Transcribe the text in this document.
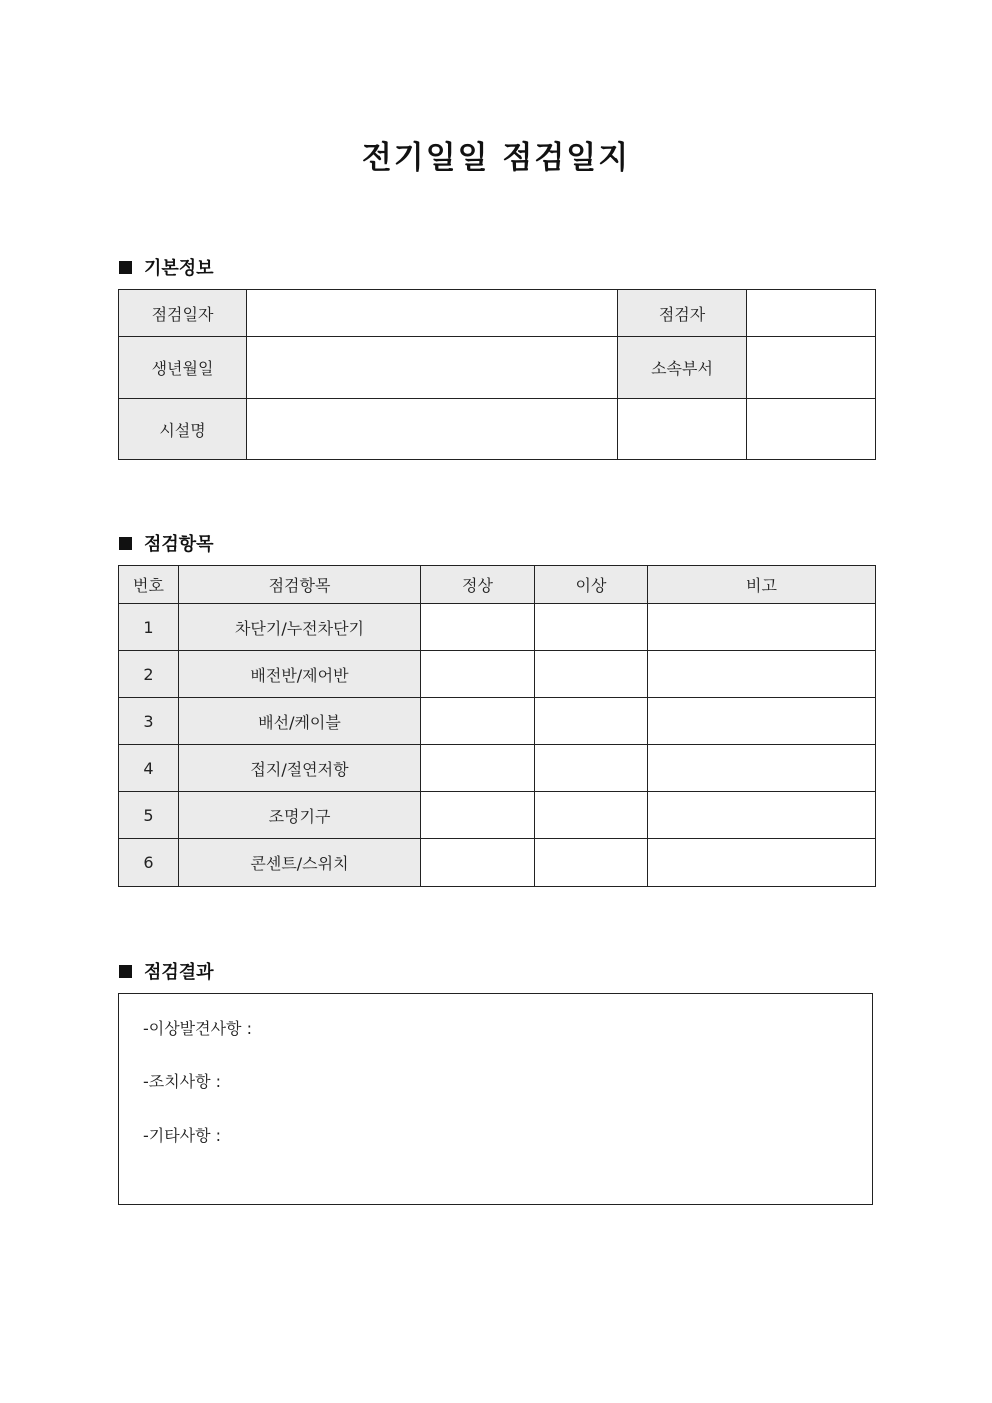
전기일일 점검일지
기본정보
점검일자		점검자	
생년월일		소속부서	
시설명			
점검항목
번호	점검항목	정상	이상	비고
1	차단기/누전차단기			
2	배전반/제어반			
3	배선/케이블			
4	접지/절연저항			
5	조명기구			
6	콘센트/스위치			
점검결과
-이상발견사항 :
-조치사항 :
-기타사항 :
